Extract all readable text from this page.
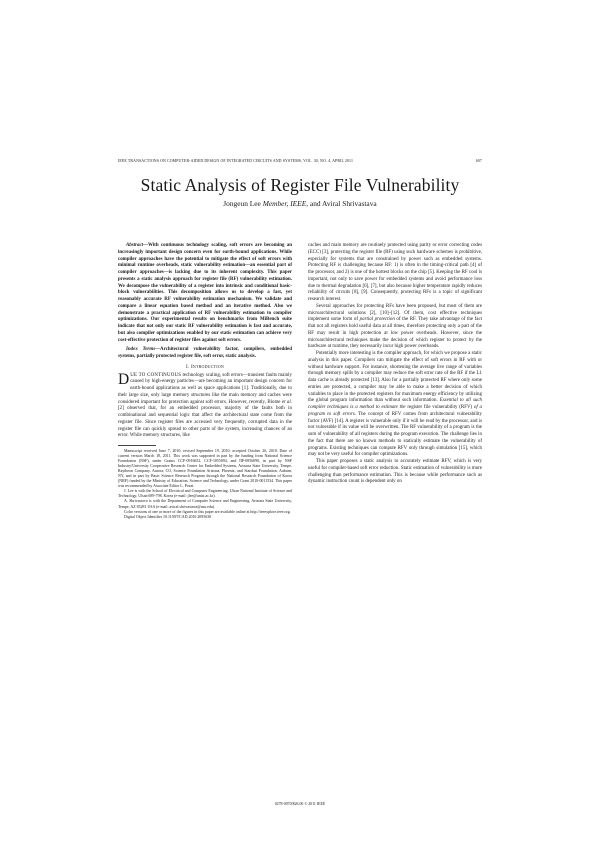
IEEE TRANSACTIONS ON COMPUTER-AIDED DESIGN OF INTEGRATED CIRCUITS AND SYSTEMS, VOL. 30, NO. 4, APRIL 2011	607
Static Analysis of Register File Vulnerability
Jongeun Lee Member, IEEE, and Aviral Shrivastava

Abstract—With continuous technology scaling, soft errors are becoming an increasingly important design concern even for earth-bound applications. While compiler approaches have the potential to mitigate the effect of soft errors with minimal runtime overheads, static vulnerability estimation—an essential part of compiler approaches—is lacking due to its inherent complexity. This paper presents a static analysis approach for register file (RF) vulnerability estimation. We decompose the vulnerability of a register into intrinsic and conditional basic-block vulnerabilities. This decomposition allows us to develop a fast, yet reasonably accurate RF vulnerability estimation mechanism. We validate and compare a linear equation based method and an iterative method. Also we demonstrate a practical application of RF vulnerability estimation to compiler optimizations. Our experimental results on benchmarks from MiBench suite indicate that not only our static RF vulnerability estimation is fast and accurate, but also compiler optimizations enabled by our static estimation can achieve very cost-effective protection of register files against soft errors.

Index Terms—Architectural vulnerability factor, compilers, embedded systems, partially protected register file, soft error, static analysis.

I. Introduction

DUE TO CONTINUOUS technology scaling, soft errors—transient faults mainly caused by high-energy particles—are becoming an important design concern for earth-bound applications as well as space applications [1]. Traditionally, due to their large size, only large memory structures like the main memory and caches were considered important for protection against soft errors. However, recently, Blome et al. [2] observed that, for an embedded processor, majority of the faults both in combinational and sequential logic that affect the architectural state come from the register file. Since register files are accessed very frequently, corrupted data in the register file can quickly spread to other parts of the system, increasing chances of an error. While memory structures, like

Manuscript received June 7, 2010; revised September 19, 2010; accepted October 26, 2010. Date of current version March 18, 2011. This work was supported in part by the funding from National Science Foundation (NSF), under Grants CCF-0916652, CCF-1055094, and IIP-0856090, in part by NSF Industry/University Cooperative Research Center for Embedded Systems, Arizona State University, Tempe, Raytheon Company, Aurora, CO, Science Foundation Arizona, Phoenix, and Stardust Foundation, Auburn, NY, and in part by Basic Science Research Program through the National Research Foundation of Korea (NRF) funded by the Ministry of Education, Science and Technology, under Grant 2010-0011534. This paper was recommended by Associate Editor L. Pozzi.

J. Lee is with the School of Electrical and Computer Engineering, Ulsan National Institute of Science and Technology, Ulsan 689-798, Korea (e-mail: jlee@unist.ac.kr).

A. Shrivastava is with the Department of Computer Science and Engineering, Arizona State University, Tempe, AZ 85281 USA (e-mail: aviral.shrivastava@asu.edu).

Color versions of one or more of the figures in this paper are available online at http://ieeexplore.ieee.org.

Digital Object Identifier 10.1109/TCAD.2010.2095630

caches and main memory are routinely protected using parity or error correcting codes (ECC) [3], protecting the register file (RF) using such hardware schemes is prohibitive, especially for systems that are constrained by power such as embedded systems. Protecting RF is challenging because RF: 1) is often in the timing-critical path [4] of the processor, and 2) is one of the hottest blocks on the chip [5]. Keeping the RF cool is important, not only to save power for embedded systems and avoid performance loss due to thermal degradation [6], [7], but also because higher temperature rapidly reduces reliability of circuits [8], [9]. Consequently, protecting RFs is a topic of significant research interest.

Several approaches for protecting RFs have been proposed, but most of them are microarchitectural solutions [2], [10]–[12]. Of them, cost effective techniques implement some form of partial protection of the RF. They take advantage of the fact that not all registers hold useful data at all times, therefore protecting only a part of the RF may result in high protection at low power overheads. However, since the microarchitectural techniques make the decision of which register to protect by the hardware at runtime, they necessarily incur high power overheads.

Potentially more interesting is the compiler approach, for which we propose a static analysis in this paper. Compilers can mitigate the effect of soft errors in RF with or without hardware support. For instance, shortening the average live range of variables through memory spills by a compiler may reduce the soft error rate of the RF if the L1 data cache is already protected [13]. Also for a partially protected RF where only some entries are protected, a compiler may be able to make a better decision of which variables to place in the protected registers for maximum energy efficiency by utilizing the global program information than without such information. Essential to all such compiler techniques is a method to estimate the register file vulnerability (RFV) of a program to soft errors. The concept of RFV comes from architectural vulnerability factor (AVF) [14]. A register is vulnerable only if it will be read by the processor, and is not vulnerable if its value will be overwritten. The RF vulnerability of a program is the sum of vulnerability of all registers during the program execution. The challenge lies in the fact that there are no known methods to statically estimate the vulnerability of programs. Existing techniques can compute RFV only through simulation [15], which may not be very useful for compiler optimizations.

This paper proposes a static analysis to accurately estimate RFV, which is very useful for compiler-based soft error reduction. Static estimation of vulnerability is more challenging than performance estimation. This is because while performance such as dynamic instruction count is dependent only on

0278-0070/$26.00 © 2011 IEEE
